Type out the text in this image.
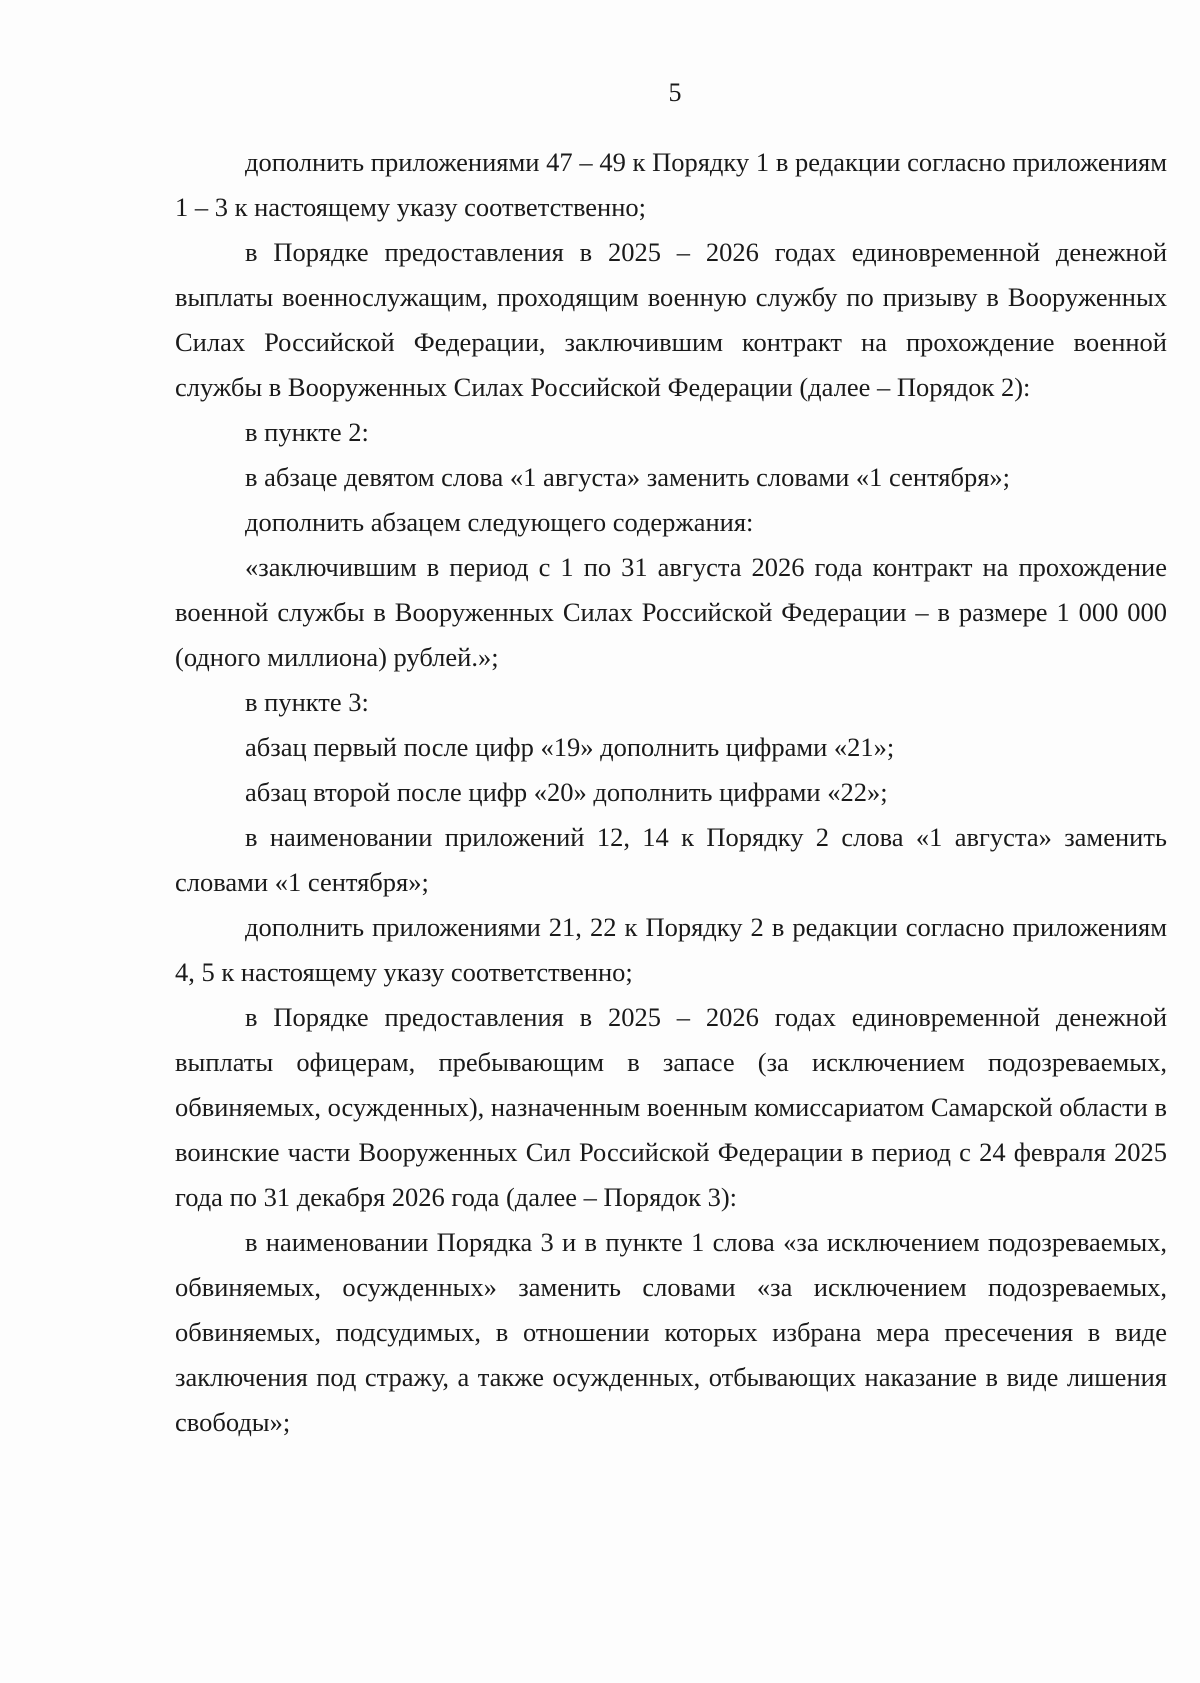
5

дополнить приложениями 47 – 49 к Порядку 1 в редакции согласно приложениям 1 – 3 к настоящему указу соответственно;

в Порядке предоставления в 2025 – 2026 годах единовременной денежной выплаты военнослужащим, проходящим военную службу по призыву в Вооруженных Силах Российской Федерации, заключившим контракт на прохождение военной службы в Вооруженных Силах Российской Федерации (далее – Порядок 2):

в пункте 2:

в абзаце девятом слова «1 августа» заменить словами «1 сентября»;

дополнить абзацем следующего содержания:

«заключившим в период с 1 по 31 августа 2026 года контракт на прохождение военной службы в Вооруженных Силах Российской Федерации – в размере 1 000 000 (одного миллиона) рублей.»;

в пункте 3:

абзац первый после цифр «19» дополнить цифрами «21»;

абзац второй после цифр «20» дополнить цифрами «22»;

в наименовании приложений 12, 14 к Порядку 2 слова «1 августа» заменить словами «1 сентября»;

дополнить приложениями 21, 22 к Порядку 2 в редакции согласно приложениям 4, 5 к настоящему указу соответственно;

в Порядке предоставления в 2025 – 2026 годах единовременной денежной выплаты офицерам, пребывающим в запасе (за исключением подозреваемых, обвиняемых, осужденных), назначенным военным комиссариатом Самарской области в воинские части Вооруженных Сил Российской Федерации в период с 24 февраля 2025 года по 31 декабря 2026 года (далее – Порядок 3):

в наименовании Порядка 3 и в пункте 1 слова «за исключением подозреваемых, обвиняемых, осужденных» заменить словами «за исключением подозреваемых, обвиняемых, подсудимых, в отношении которых избрана мера пресечения в виде заключения под стражу, а также осужденных, отбывающих наказание в виде лишения свободы»;
